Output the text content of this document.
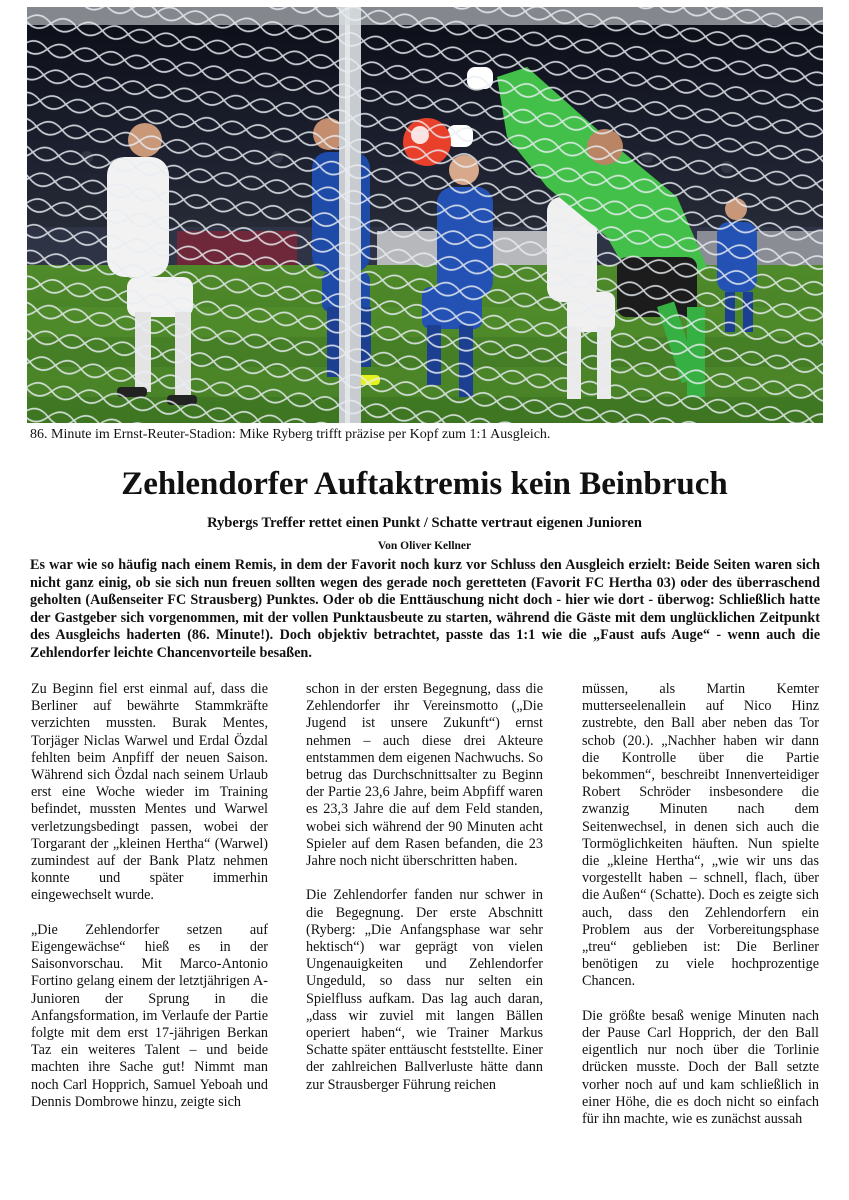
86. Minute im Ernst-Reuter-Stadion: Mike Ryberg trifft präzise per Kopf zum 1:1 Ausgleich.
Zehlendorfer Auftaktremis kein Beinbruch
Rybergs Treffer rettet einen Punkt / Schatte vertraut eigenen Junioren
Von Oliver Kellner

Es war wie so häufig nach einem Remis, in dem der Favorit noch kurz vor Schluss den Ausgleich erzielt: Beide Seiten waren sich nicht ganz einig, ob sie sich nun freuen sollten wegen des gerade noch geretteten (Favorit FC Hertha 03) oder des überraschend geholten (Außenseiter FC Strausberg) Punktes. Oder ob die Enttäuschung nicht doch - hier wie dort - überwog: Schließlich hatte der Gastgeber sich vorgenommen, mit der vollen Punktausbeute zu starten, während die Gäste mit dem unglücklichen Zeitpunkt des Ausgleichs haderten (86. Minute!). Doch objektiv betrachtet, passte das 1:1 wie die „Faust aufs Auge“ - wenn auch die Zehlendorfer leichte Chancenvorteile besaßen.

Zu Beginn fiel erst einmal auf, dass die Berliner auf bewährte Stammkräfte verzichten mussten. Burak Mentes, Torjäger Niclas Warwel und Erdal Özdal fehlten beim Anpfiff der neuen Saison. Während sich Özdal nach seinem Urlaub erst eine Woche wieder im Training befindet, mussten Mentes und Warwel verletzungsbedingt passen, wobei der Torgarant der „kleinen Hertha“ (Warwel) zumindest auf der Bank Platz nehmen konnte und später immerhin eingewechselt wurde.

„Die Zehlendorfer setzen auf Eigengewächse“ hieß es in der Saisonvorschau. Mit Marco-Antonio Fortino gelang einem der letztjährigen A-Junioren der Sprung in die Anfangsformation, im Verlaufe der Partie folgte mit dem erst 17-jährigen Berkan Taz ein weiteres Talent – und beide machten ihre Sache gut! Nimmt man noch Carl Hopprich, Samuel Yeboah und Dennis Dombrowe hinzu, zeigte sich

schon in der ersten Begegnung, dass die Zehlendorfer ihr Vereinsmotto („Die Jugend ist unsere Zukunft“) ernst nehmen – auch diese drei Akteure entstammen dem eigenen Nachwuchs. So betrug das Durchschnittsalter zu Beginn der Partie 23,6 Jahre, beim Abpfiff waren es 23,3 Jahre die auf dem Feld standen, wobei sich während der 90 Minuten acht Spieler auf dem Rasen befanden, die 23 Jahre noch nicht überschritten haben.

Die Zehlendorfer fanden nur schwer in die Begegnung. Der erste Abschnitt (Ryberg: „Die Anfangsphase war sehr hektisch“) war geprägt von vielen Ungenauigkeiten und Zehlendorfer Ungeduld, so dass nur selten ein Spielfluss aufkam. Das lag auch daran, „dass wir zuviel mit langen Bällen operiert haben“, wie Trainer Markus Schatte später enttäuscht feststellte. Einer der zahlreichen Ballverluste hätte dann zur Strausberger Führung reichen

müssen, als Martin Kemter mutterseelenallein auf Nico Hinz zustrebte, den Ball aber neben das Tor schob (20.). „Nachher haben wir dann die Kontrolle über die Partie bekommen“, beschreibt Innenverteidiger Robert Schröder insbesondere die zwanzig Minuten nach dem Seitenwechsel, in denen sich auch die Tormöglichkeiten häuften. Nun spielte die „kleine Hertha“, „wie wir uns das vorgestellt haben – schnell, flach, über die Außen“ (Schatte). Doch es zeigte sich auch, dass den Zehlendorfern ein Problem aus der Vorbereitungsphase „treu“ geblieben ist: Die Berliner benötigen zu viele hochprozentige Chancen.

Die größte besaß wenige Minuten nach der Pause Carl Hopprich, der den Ball eigentlich nur noch über die Torlinie drücken musste. Doch der Ball setzte vorher noch auf und kam schließlich in einer Höhe, die es doch nicht so einfach für ihn machte, wie es zunächst aussah
